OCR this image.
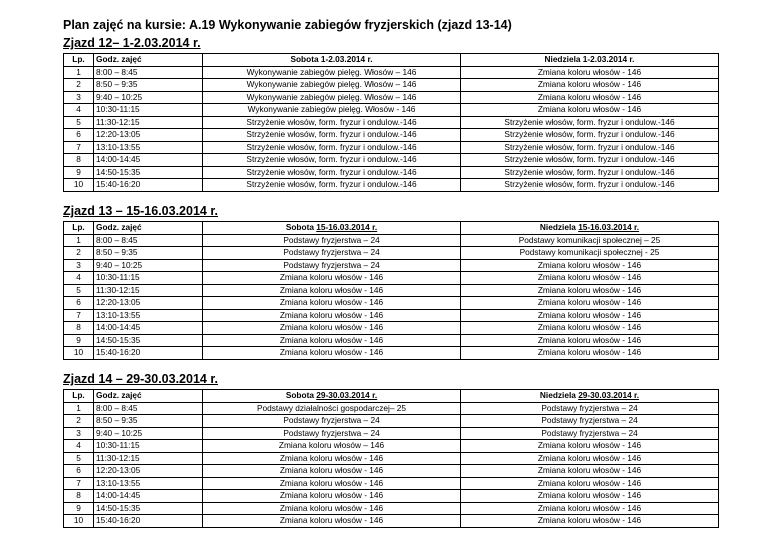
Plan zajęć na kursie: A.19 Wykonywanie zabiegów fryzjerskich (zjazd 13-14)
Zjazd 12– 1-2.03.2014 r.
Lp.	Godz. zajęć	Sobota 1-2.03.2014 r.	Niedziela 1-2.03.2014 r.
1	8:00 – 8:45	Wykonywanie zabiegów pielęg. Włosów – 146	Zmiana koloru włosów - 146
2	8:50 – 9:35	Wykonywanie zabiegów pielęg. Włosów – 146	Zmiana koloru włosów - 146
3	9:40 – 10:25	Wykonywanie zabiegów pielęg. Włosów – 146	Zmiana koloru włosów - 146
4	10:30-11:15	Wykonywanie zabiegów pielęg. Włosów - 146	Zmiana koloru włosów - 146
5	11:30-12:15	Strzyżenie włosów, form. fryzur i ondulow.-146	Strzyżenie włosów, form. fryzur i ondulow.-146
6	12:20-13:05	Strzyżenie włosów, form. fryzur i ondulow.-146	Strzyżenie włosów, form. fryzur i ondulow.-146
7	13:10-13:55	Strzyżenie włosów, form. fryzur i ondulow.-146	Strzyżenie włosów, form. fryzur i ondulow.-146
8	14:00-14:45	Strzyżenie włosów, form. fryzur i ondulow.-146	Strzyżenie włosów, form. fryzur i ondulow.-146
9	14:50-15:35	Strzyżenie włosów, form. fryzur i ondulow.-146	Strzyżenie włosów, form. fryzur i ondulow.-146
10	15:40-16:20	Strzyżenie włosów, form. fryzur i ondulow.-146	Strzyżenie włosów, form. fryzur i ondulow.-146
Zjazd 13 – 15-16.03.2014 r.
Lp.	Godz. zajęć	Sobota 15-16.03.2014 r.	Niedziela 15-16.03.2014 r.
1	8:00 – 8:45	Podstawy fryzjerstwa – 24	Podstawy komunikacji społecznej – 25
2	8:50 – 9:35	Podstawy fryzjerstwa – 24	Podstawy komunikacji społecznej - 25
3	9:40 – 10:25	Podstawy fryzjerstwa – 24	Zmiana koloru włosów - 146
4	10:30-11:15	Zmiana koloru włosów - 146	Zmiana koloru włosów - 146
5	11:30-12:15	Zmiana koloru włosów - 146	Zmiana koloru włosów - 146
6	12:20-13:05	Zmiana koloru włosów - 146	Zmiana koloru włosów - 146
7	13:10-13:55	Zmiana koloru włosów - 146	Zmiana koloru włosów - 146
8	14:00-14:45	Zmiana koloru włosów - 146	Zmiana koloru włosów - 146
9	14:50-15:35	Zmiana koloru włosów - 146	Zmiana koloru włosów - 146
10	15:40-16:20	Zmiana koloru włosów - 146	Zmiana koloru włosów - 146
Zjazd 14 – 29-30.03.2014 r.
Lp.	Godz. zajęć	Sobota 29-30.03.2014 r.	Niedziela 29-30.03.2014 r.
1	8:00 – 8:45	Podstawy działalności gospodarczej– 25	Podstawy fryzjerstwa – 24
2	8:50 – 9:35	Podstawy fryzjerstwa – 24	Podstawy fryzjerstwa – 24
3	9:40 – 10:25	Podstawy fryzjerstwa – 24	Podstawy fryzjerstwa – 24
4	10:30-11:15	Zmiana koloru włosów – 146	Zmiana koloru włosów - 146
5	11:30-12:15	Zmiana koloru włosów - 146	Zmiana koloru włosów - 146
6	12:20-13:05	Zmiana koloru włosów - 146	Zmiana koloru włosów - 146
7	13:10-13:55	Zmiana koloru włosów - 146	Zmiana koloru włosów - 146
8	14:00-14:45	Zmiana koloru włosów - 146	Zmiana koloru włosów - 146
9	14:50-15:35	Zmiana koloru włosów - 146	Zmiana koloru włosów - 146
10	15:40-16:20	Zmiana koloru włosów - 146	Zmiana koloru włosów - 146
